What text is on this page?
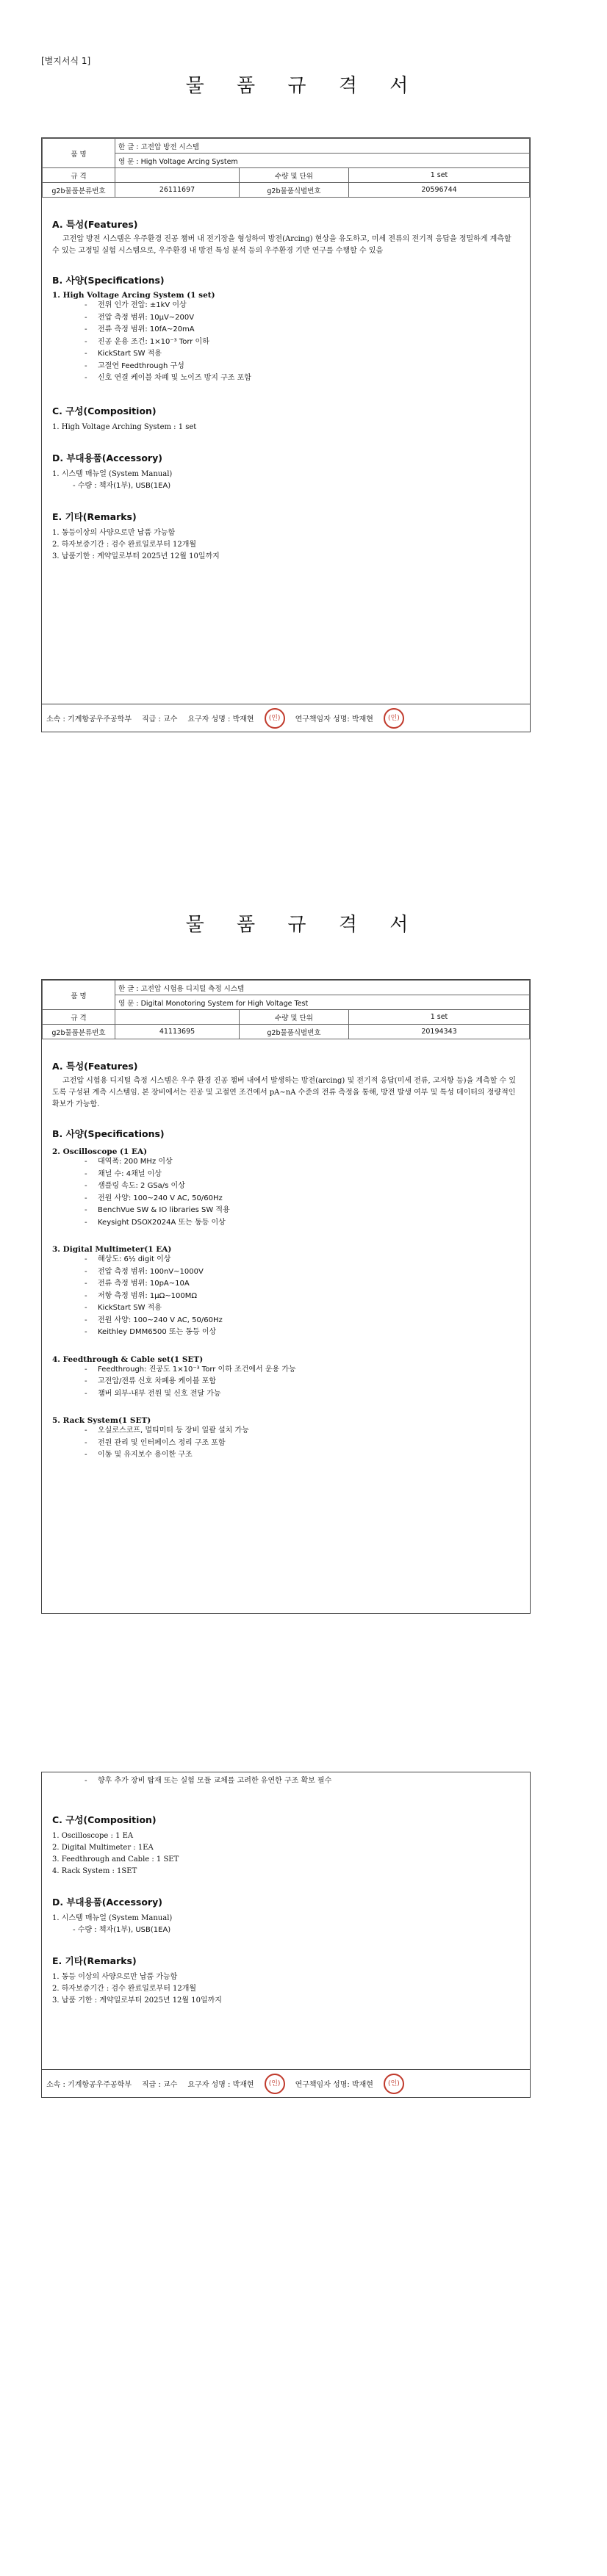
[별지서식 1]
물 품 규 격 서
품 명	한 글 : 고전압 방전 시스템		
	영 문 : High Voltage Arcing System		
규 격		수량 및 단위	1 set
g2b물품분류번호	26111697	g2b물품식별번호	20596744

A. 특성(Features)

고전압 방전 시스템은 우주환경 진공 챔버 내 전기장을 형성하여 방전(Arcing) 현상을 유도하고, 미세 전류의 전기적 응답을 정밀하게 계측할 수 있는 고정밀 실험 시스템으로, 우주환경 내 방전 특성 분석 등의 우주환경 기반 연구를 수행할 수 있음

B. 사양(Specifications)

1. High Voltage Arcing System (1 set)

- 전위 인가 전압: ±1kV 이상
- 전압 측정 범위: 10μV~200V
- 전류 측정 범위: 10fA~20mA
- 진공 운용 조건: 1×10⁻³ Torr 이하
- KickStart SW 적용
- 고절연 Feedthrough 구성
- 신호 연결 케이블 차폐 및 노이즈 방지 구조 포함

C. 구성(Composition)

1. High Voltage Arching System : 1 set

D. 부대용품(Accessory)

1. 시스템 매뉴얼 (System Manual)

- 수량 : 책자(1부), USB(1EA)

E. 기타(Remarks)

1. 동등이상의 사양으로만 납품 가능함

2. 하자보증기간 : 검수 완료일로부터 12개월

3. 납품기한 : 계약일로부터 2025년 12월 10일까지

소속 : 기계항공우주공학부 직급 : 교수 요구자 성명 : 박재현	(인)	연구책임자 성명: 박재현	(인)
물 품 규 격 서
품 명	한 글 : 고전압 시험용 디지털 측정 시스템		
	영 문 : Digital Monotoring System for High Voltage Test		
규 격		수량 및 단위	1 set
g2b물품분류번호	41113695	g2b물품식별번호	20194343

A. 특성(Features)

고전압 시험용 디지털 측정 시스템은 우주 환경 진공 챔버 내에서 발생하는 방전(arcing) 및 전기적 응답(미세 전류, 고저항 등)을 계측할 수 있도록 구성된 계측 시스템임. 본 장비에서는 진공 및 고절연 조건에서 pA~nA 수준의 전류 측정을 통해, 방전 발생 여부 및 특성 데이터의 정량적인 확보가 가능함.

B. 사양(Specifications)

2. Oscilloscope (1 EA)

- 대역폭: 200 MHz 이상
- 채널 수: 4채널 이상
- 샘플링 속도: 2 GSa/s 이상
- 전원 사양: 100~240 V AC, 50/60Hz
- BenchVue SW & IO libraries SW 적용
- Keysight DSOX2024A 또는 동등 이상

3. Digital Multimeter(1 EA)

- 해상도: 6½ digit 이상
- 전압 측정 범위: 100nV~1000V
- 전류 측정 범위: 10pA~10A
- 저항 측정 범위: 1μΩ~100MΩ
- KickStart SW 적용
- 전원 사양: 100~240 V AC, 50/60Hz
- Keithley DMM6500 또는 동등 이상

4. Feedthrough & Cable set(1 SET)

- Feedthrough: 진공도 1×10⁻³ Torr 이하 조건에서 운용 가능
- 고전압/전류 신호 차폐용 케이블 포함
- 챔버 외부-내부 전원 및 신호 전달 가능

5. Rack System(1 SET)

- 오실로스코프, 멀티미터 등 장비 일괄 설치 가능
- 전원 관리 및 인터페이스 정리 구조 포함
- 이동 및 유지보수 용이한 구조
- 향후 추가 장비 탑재 또는 실험 모듈 교체를 고려한 유연한 구조 확보 필수

C. 구성(Composition)

1. Oscilloscope : 1 EA

2. Digital Multimeter : 1EA

3. Feedthrough and Cable : 1 SET

4. Rack System : 1SET

D. 부대용품(Accessory)

1. 시스템 매뉴얼 (System Manual)

- 수량 : 책자(1부), USB(1EA)

E. 기타(Remarks)

1. 동등 이상의 사양으로만 납품 가능함

2. 하자보증기간 : 검수 완료일로부터 12개월

3. 납품 기한 : 계약일로부터 2025년 12월 10일까지

소속 : 기계항공우주공학부 직급 : 교수 요구자 성명 : 박재현	(인)	연구책임자 성명: 박재현	(인)
